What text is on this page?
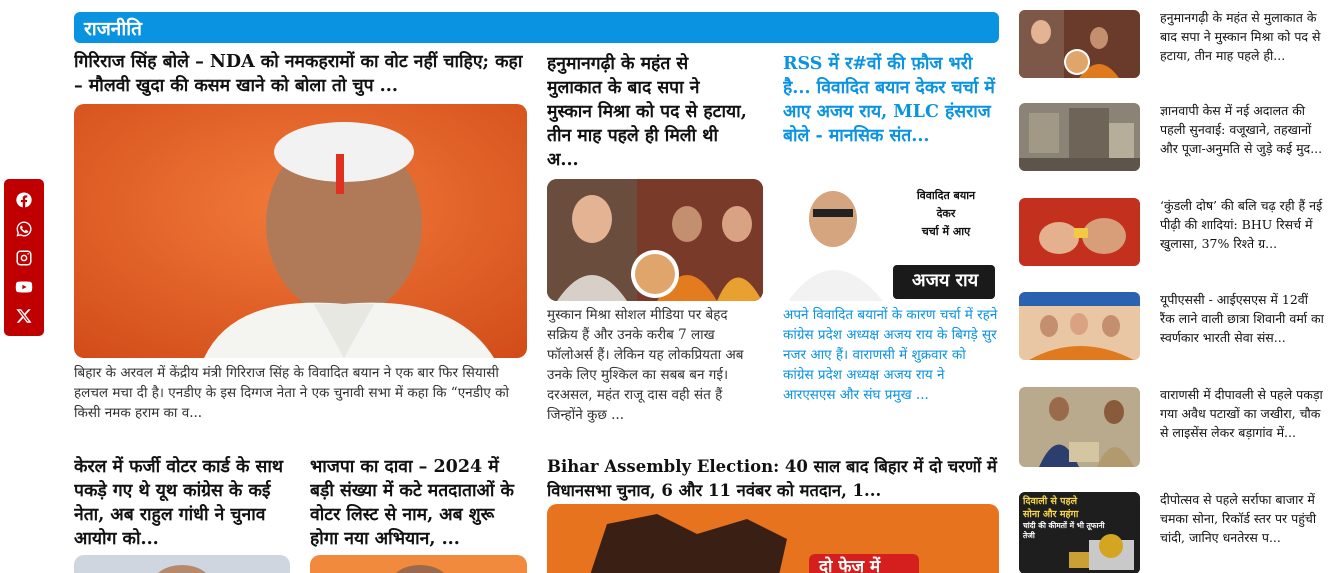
राजनीति
गिरिराज सिंह बोले – NDA को नमकहरामों का वोट नहीं चाहिए; कहा – मौलवी खुदा की कसम खाने को बोला तो चुप ...
बिहार के अरवल में केंद्रीय मंत्री गिरिराज सिंह के विवादित बयान ने एक बार फिर सियासी हलचल मचा दी है। एनडीए के इस दिग्गज नेता ने एक चुनावी सभा में कहा कि “एनडीए को किसी नमक हराम का व...
हनुमानगढ़ी के महंत से मुलाकात के बाद सपा ने मुस्कान मिश्रा को पद से हटाया, तीन माह पहले ही मिली थी अ...
मुस्कान मिश्रा सोशल मीडिया पर बेहद सक्रिय हैं और उनके करीब 7 लाख फॉलोअर्स हैं। लेकिन यह लोकप्रियता अब उनके लिए मुश्किल का सबब बन गई। दरअसल, महंत राजू दास वही संत हैं जिन्होंने कुछ ...
RSS में र#वों की फ़ौज भरी है... विवादित बयान देकर चर्चा में आए अजय राय, MLC हंसराज बोले - मानसिक संत...
विवादित बयान
देकर
चर्चा में आए
अजय राय
अपने विवादित बयानों के कारण चर्चा में रहने कांग्रेस प्रदेश अध्यक्ष अजय राय के बिगड़े सुर नजर आए हैं। वाराणसी में शुक्रवार को कांग्रेस प्रदेश अध्यक्ष अजय राय ने आरएसएस और संघ प्रमुख ...
केरल में फर्जी वोटर कार्ड के साथ पकड़े गए थे यूथ कांग्रेस के कई नेता, अब राहुल गांधी ने चुनाव आयोग को...
भाजपा का दावा – 2024 में बड़ी संख्या में कटे मतदाताओं के वोटर लिस्ट से नाम, अब शुरू होगा नया अभियान, ...
Bihar Assembly Election: 40 साल बाद बिहार में दो चरणों में विधानसभा चुनाव, 6 और 11 नवंबर को मतदान, 1...
दो फेज में
हनुमानगढ़ी के महंत से मुलाकात के बाद सपा ने मुस्कान मिश्रा को पद से हटाया, तीन माह पहले ही...
ज्ञानवापी केस में नई अदालत की पहली सुनवाई: वजूखाने, तहखानों और पूजा-अनुमति से जुड़े कई मुद...
‘कुंडली दोष’ की बलि चढ़ रही हैं नई पीढ़ी की शादियां: BHU रिसर्च में खुलासा, 37% रिश्ते ग्र...
यूपीएससी - आईएसएस में 12वीं रैंक लाने वाली छात्रा शिवानी वर्मा का स्वर्णकार भारती सेवा संस...
वाराणसी में दीपावली से पहले पकड़ा गया अवैध पटाखों का जखीरा, चौक से लाइसेंस लेकर बड़ागांव में...
दिवाली से पहले
सोना और महंगा
चांदी की कीमतों में भी तूफानी तेजी
दीपोत्सव से पहले सर्राफा बाजार में चमका सोना, रिकॉर्ड स्तर पर पहुंची चांदी, जानिए धनतेरस प...
